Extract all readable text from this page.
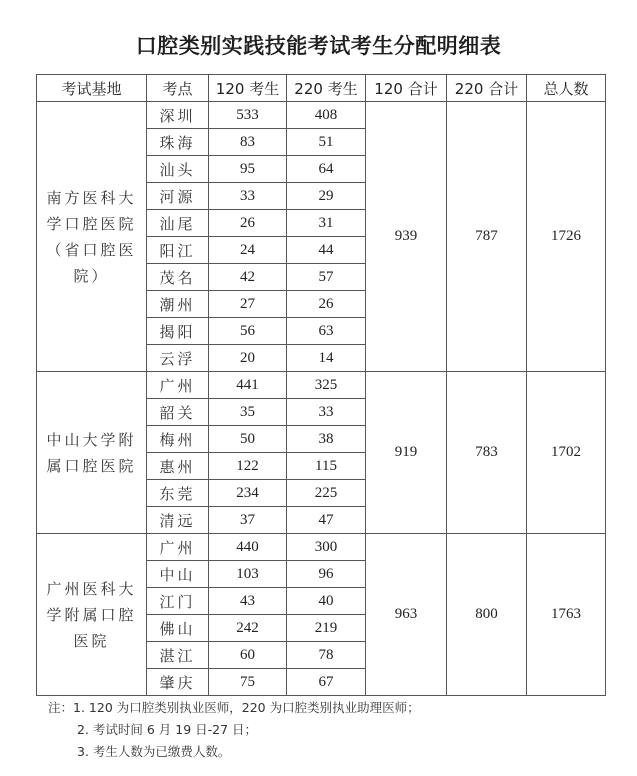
口腔类别实践技能考试考生分配明细表
考试基地	考点	120 考生	220 考生	120 合计	220 合计	总人数

南方医科大
学口腔医院
（省口腔医
院）	深圳	533	408	939	787	1726
	珠海	83	51			
	汕头	95	64			
	河源	33	29			
	汕尾	26	31			
	阳江	24	44			
	茂名	42	57			
	潮州	27	26			
	揭阳	56	63			
	云浮	20	14			

中山大学附
属口腔医院	广州	441	325	919	783	1702
	韶关	35	33			
	梅州	50	38			
	惠州	122	115			
	东莞	234	225			
	清远	37	47			

广州医科大
学附属口腔
医院	广州	440	300	963	800	1763
	中山	103	96			
	江门	43	40			
	佛山	242	219			
	湛江	60	78			
	肇庆	75	67			
注：1. 120 为口腔类别执业医师，220 为口腔类别执业助理医师；
2. 考试时间 6 月 19 日-27 日；
3. 考生人数为已缴费人数。
